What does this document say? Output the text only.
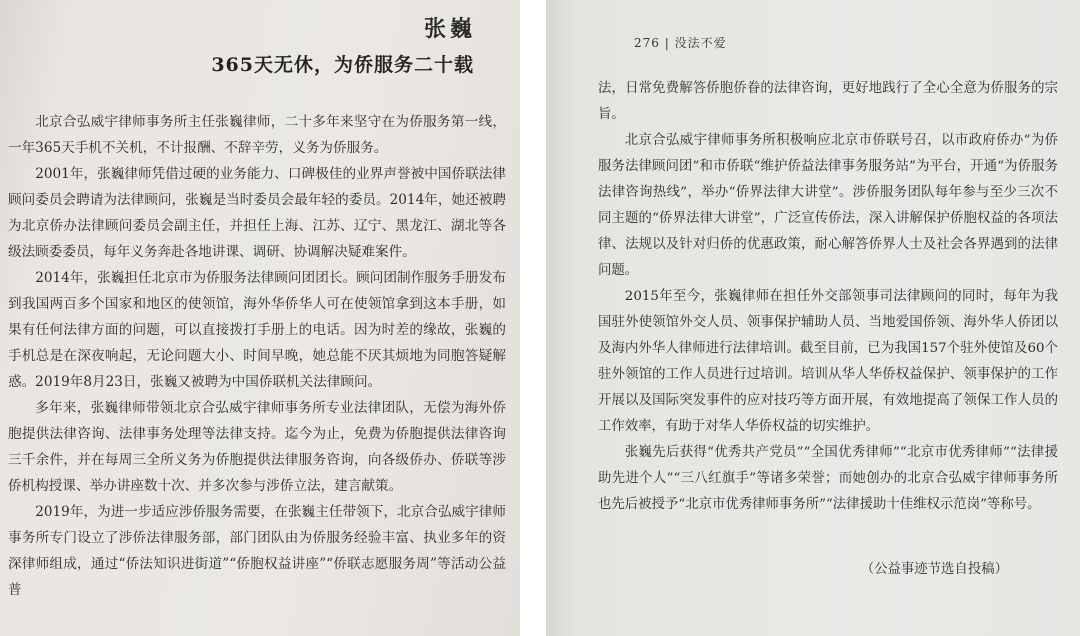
张巍
365天无休，为侨服务二十载

北京合弘威宇律师事务所主任张巍律师，二十多年来坚守在为侨服务第一线，一年365天手机不关机，不计报酬、不辞辛劳，义务为侨服务。

2001年，张巍律师凭借过硬的业务能力、口碑极佳的业界声誉被中国侨联法律顾问委员会聘请为法律顾问，张巍是当时委员会最年轻的委员。2014年，她还被聘为北京侨办法律顾问委员会副主任，并担任上海、江苏、辽宁、黑龙江、湖北等各级法顾委委员，每年义务奔赴各地讲课、调研、协调解决疑难案件。

2014年，张巍担任北京市为侨服务法律顾问团团长。顾问团制作服务手册发布到我国两百多个国家和地区的使领馆，海外华侨华人可在使领馆拿到这本手册，如果有任何法律方面的问题，可以直接拨打手册上的电话。因为时差的缘故，张巍的手机总是在深夜响起，无论问题大小、时间早晚，她总能不厌其烦地为同胞答疑解惑。2019年8月23日，张巍又被聘为中国侨联机关法律顾问。

多年来，张巍律师带领北京合弘威宇律师事务所专业法律团队，无偿为海外侨胞提供法律咨询、法律事务处理等法律支持。迄今为止，免费为侨胞提供法律咨询三千余件，并在每周三全所义务为侨胞提供法律服务咨询，向各级侨办、侨联等涉侨机构授课、举办讲座数十次、并多次参与涉侨立法，建言献策。

2019年，为进一步适应涉侨服务需要，在张巍主任带领下，北京合弘威宇律师事务所专门设立了涉侨法律服务部，部门团队由为侨服务经验丰富、执业多年的资深律师组成，通过“侨法知识进街道”“侨胞权益讲座”“侨联志愿服务周”等活动公益普

276 | 没法不爱

法，日常免费解答侨胞侨眷的法律咨询，更好地践行了全心全意为侨服务的宗旨。

北京合弘威宇律师事务所积极响应北京市侨联号召，以市政府侨办“为侨服务法律顾问团”和市侨联“维护侨益法律事务服务站”为平台，开通“为侨服务法律咨询热线”，举办“侨界法律大讲堂”。涉侨服务团队每年参与至少三次不同主题的“侨界法律大讲堂”，广泛宣传侨法，深入讲解保护侨胞权益的各项法律、法规以及针对归侨的优惠政策，耐心解答侨界人士及社会各界遇到的法律问题。

2015年至今，张巍律师在担任外交部领事司法律顾问的同时，每年为我国驻外使领馆外交人员、领事保护辅助人员、当地爱国侨领、海外华人侨团以及海内外华人律师进行法律培训。截至目前，已为我国157个驻外使馆及60个驻外领馆的工作人员进行过培训。培训从华人华侨权益保护、领事保护的工作开展以及国际突发事件的应对技巧等方面开展，有效地提高了领保工作人员的工作效率，有助于对华人华侨权益的切实维护。

张巍先后获得“优秀共产党员”“全国优秀律师”“北京市优秀律师”“法律援助先进个人”“三八红旗手”等诸多荣誉；而她创办的北京合弘威宇律师事务所也先后被授予“北京市优秀律师事务所”“法律援助十佳维权示范岗”等称号。

（公益事迹节选自投稿）
